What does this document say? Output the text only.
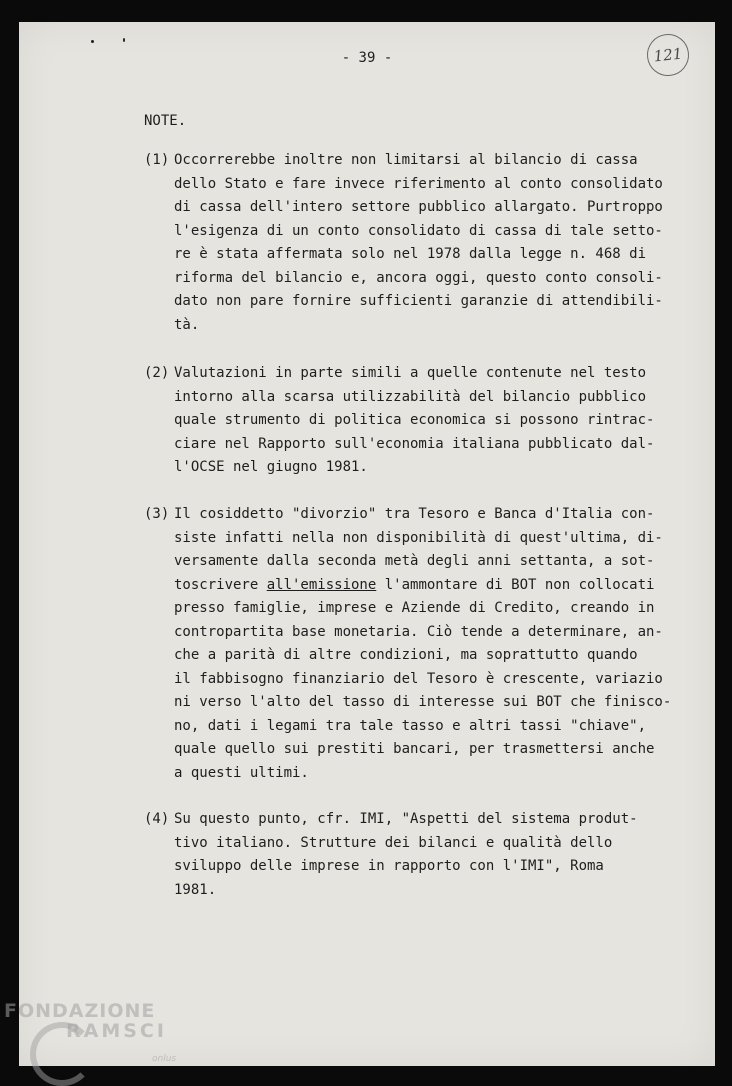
- 39 -	121
NOTE.
(1) Occorrerebbe inoltre non limitarsi al bilancio di cassa
dello Stato e fare invece riferimento al conto consolidato
di cassa dell'intero settore pubblico allargato. Purtroppo
l'esigenza di un conto consolidato di cassa di tale setto-
re è stata affermata solo nel 1978 dalla legge n. 468 di
riforma del bilancio e, ancora oggi, questo conto consoli-
dato non pare fornire sufficienti garanzie di attendibili-
tà.
(2) Valutazioni in parte simili a quelle contenute nel testo
intorno alla scarsa utilizzabilità del bilancio pubblico
quale strumento di politica economica si possono rintrac-
ciare nel Rapporto sull'economia italiana pubblicato dal-
l'OCSE nel giugno 1981.
(3) Il cosiddetto "divorzio" tra Tesoro e Banca d'Italia con-
siste infatti nella non disponibilità di quest'ultima, di-
versamente dalla seconda metà degli anni settanta, a sot-
toscrivere all'emissione l'ammontare di BOT non collocati
presso famiglie, imprese e Aziende di Credito, creando in
contropartita base monetaria. Ciò tende a determinare, an-
che a parità di altre condizioni, ma soprattutto quando
il fabbisogno finanziario del Tesoro è crescente, variazio
ni verso l'alto del tasso di interesse sui BOT che finisco-
no, dati i legami tra tale tasso e altri tassi "chiave",
quale quello sui prestiti bancari, per trasmettersi anche
a questi ultimi.
(4) Su questo punto, cfr. IMI, "Aspetti del sistema produt-
tivo italiano. Strutture dei bilanci e qualità dello
sviluppo delle imprese in rapporto con l'IMI", Roma
1981.
FONDAZIONE
RAMSCI
onlus
